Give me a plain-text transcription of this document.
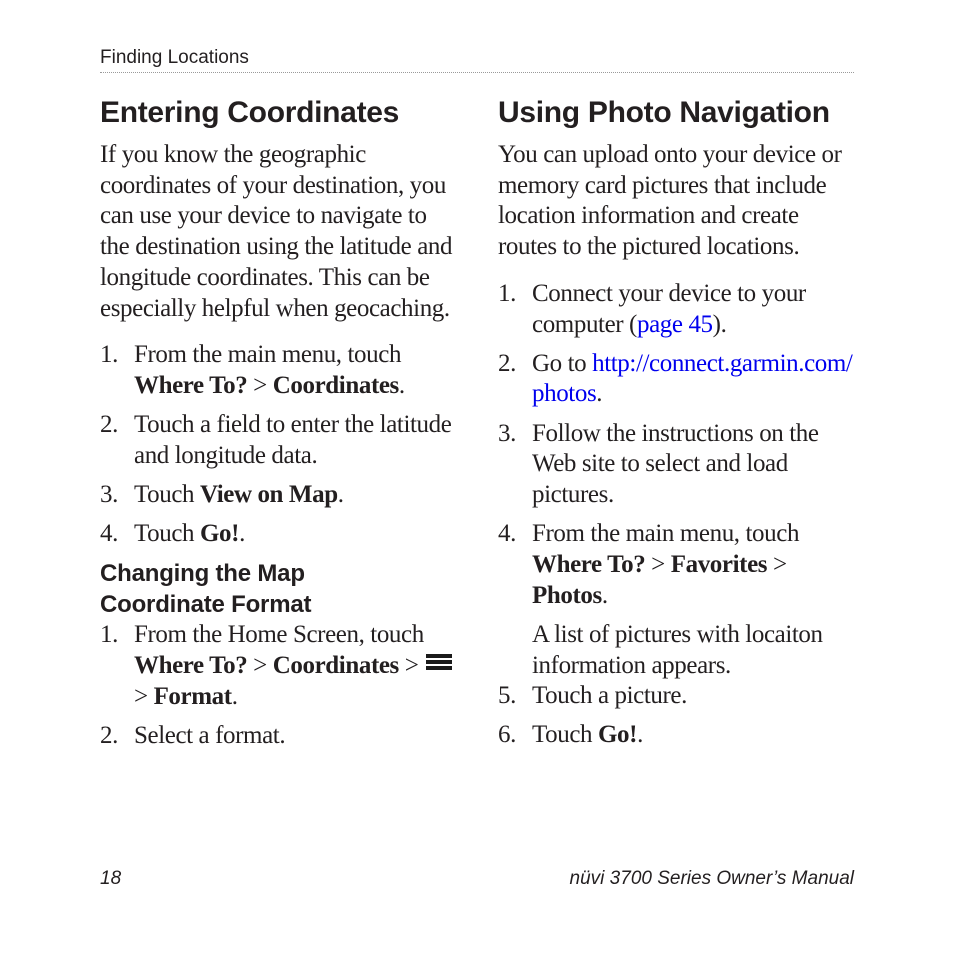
Finding Locations
Entering Coordinates

If you know the geographic coordinates of your destination, you can use your device to navigate to the destination using the latitude and longitude coordinates. This can be especially helpful when geocaching.

1. From the main menu, touch Where To? > Coordinates.
2. Touch a field to enter the latitude and longitude data.
3. Touch View on Map.
4. Touch Go!.
Changing the Map
Coordinate Format
1. From the Home Screen, touch Where To? > Coordinates >

> Format.
2. Select a format.
Using Photo Navigation

You can upload onto your device or memory card pictures that include location information and create routes to the pictured locations.

1. Connect your device to your computer (page 45).
2. Go to http://connect.garmin.com/photos.
3. Follow the instructions on the Web site to select and load pictures.
4. From the main menu, touch Where To? > Favorites > Photos.

A list of pictures with locaiton information appears.

5. Touch a picture.
6. Touch Go!.
18	nüvi 3700 Series Owner’s Manual
